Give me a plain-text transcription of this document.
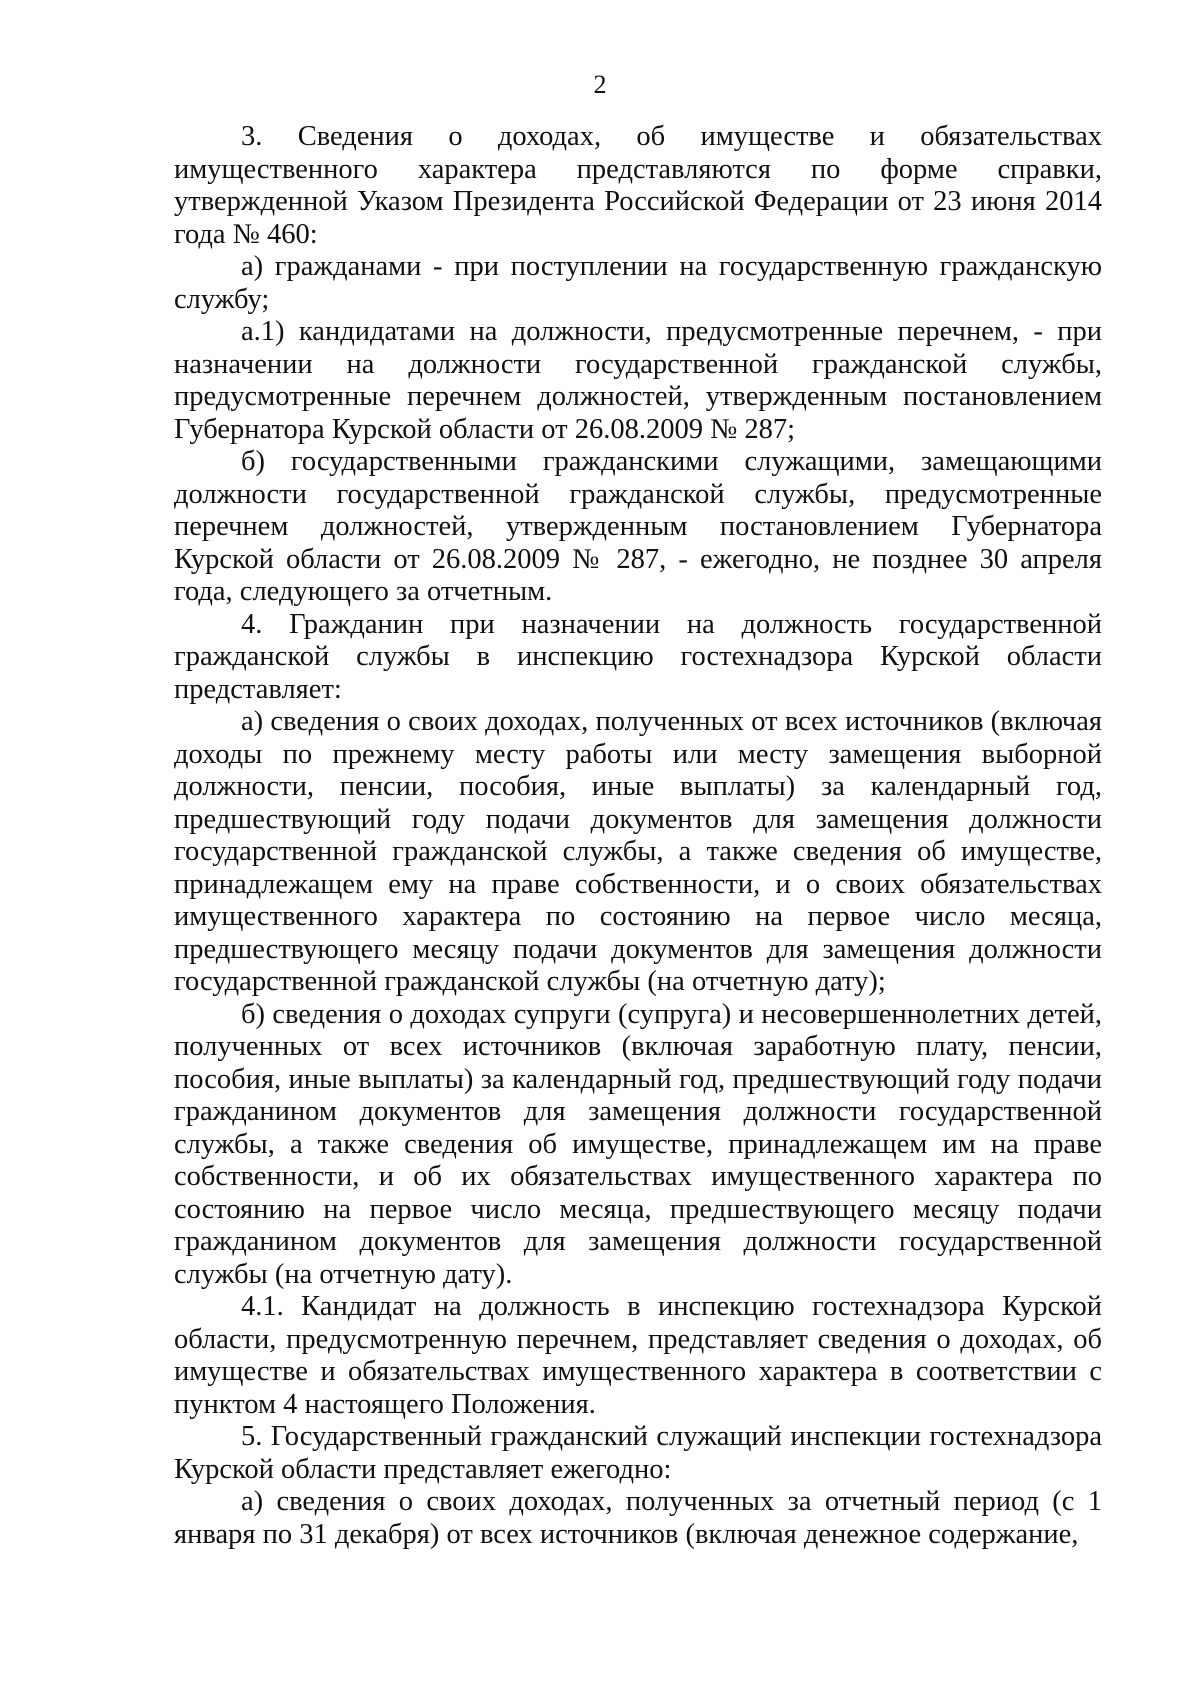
2

3. Сведения о доходах, об имуществе и обязательствах имущественного характера представляются по форме справки, утвержденной Указом Президента Российской Федерации от 23 июня 2014 года № 460:

а) гражданами - при поступлении на государственную гражданскую службу;

а.1) кандидатами на должности, предусмотренные перечнем, - при назначении на должности государственной гражданской службы, предусмотренные перечнем должностей, утвержденным постановлением Губернатора Курской области от 26.08.2009 № 287;

б) государственными гражданскими служащими, замещающими должности государственной гражданской службы, предусмотренные перечнем должностей, утвержденным постановлением Губернатора Курской области от 26.08.2009 № 287, - ежегодно, не позднее 30 апреля года, следующего за отчетным.

4. Гражданин при назначении на должность государственной гражданской службы в инспекцию гостехнадзора Курской области представляет:

а) сведения о своих доходах, полученных от всех источников (включая доходы по прежнему месту работы или месту замещения выборной должности, пенсии, пособия, иные выплаты) за календарный год, предшествующий году подачи документов для замещения должности государственной гражданской службы, а также сведения об имуществе, принадлежащем ему на праве собственности, и о своих обязательствах имущественного характера по состоянию на первое число месяца, предшествующего месяцу подачи документов для замещения должности государственной гражданской службы (на отчетную дату);

б) сведения о доходах супруги (супруга) и несовершеннолетних детей, полученных от всех источников (включая заработную плату, пенсии, пособия, иные выплаты) за календарный год, предшествующий году подачи гражданином документов для замещения должности государственной службы, а также сведения об имуществе, принадлежащем им на праве собственности, и об их обязательствах имущественного характера по состоянию на первое число месяца, предшествующего месяцу подачи гражданином документов для замещения должности государственной службы (на отчетную дату).

4.1. Кандидат на должность в инспекцию гостехнадзора Курской области, предусмотренную перечнем, представляет сведения о доходах, об имуществе и обязательствах имущественного характера в соответствии с пунктом 4 настоящего Положения.

5. Государственный гражданский служащий инспекции гостехнадзора Курской области представляет ежегодно:

а) сведения о своих доходах, полученных за отчетный период (с 1 января по 31 декабря) от всех источников (включая денежное содержание,
